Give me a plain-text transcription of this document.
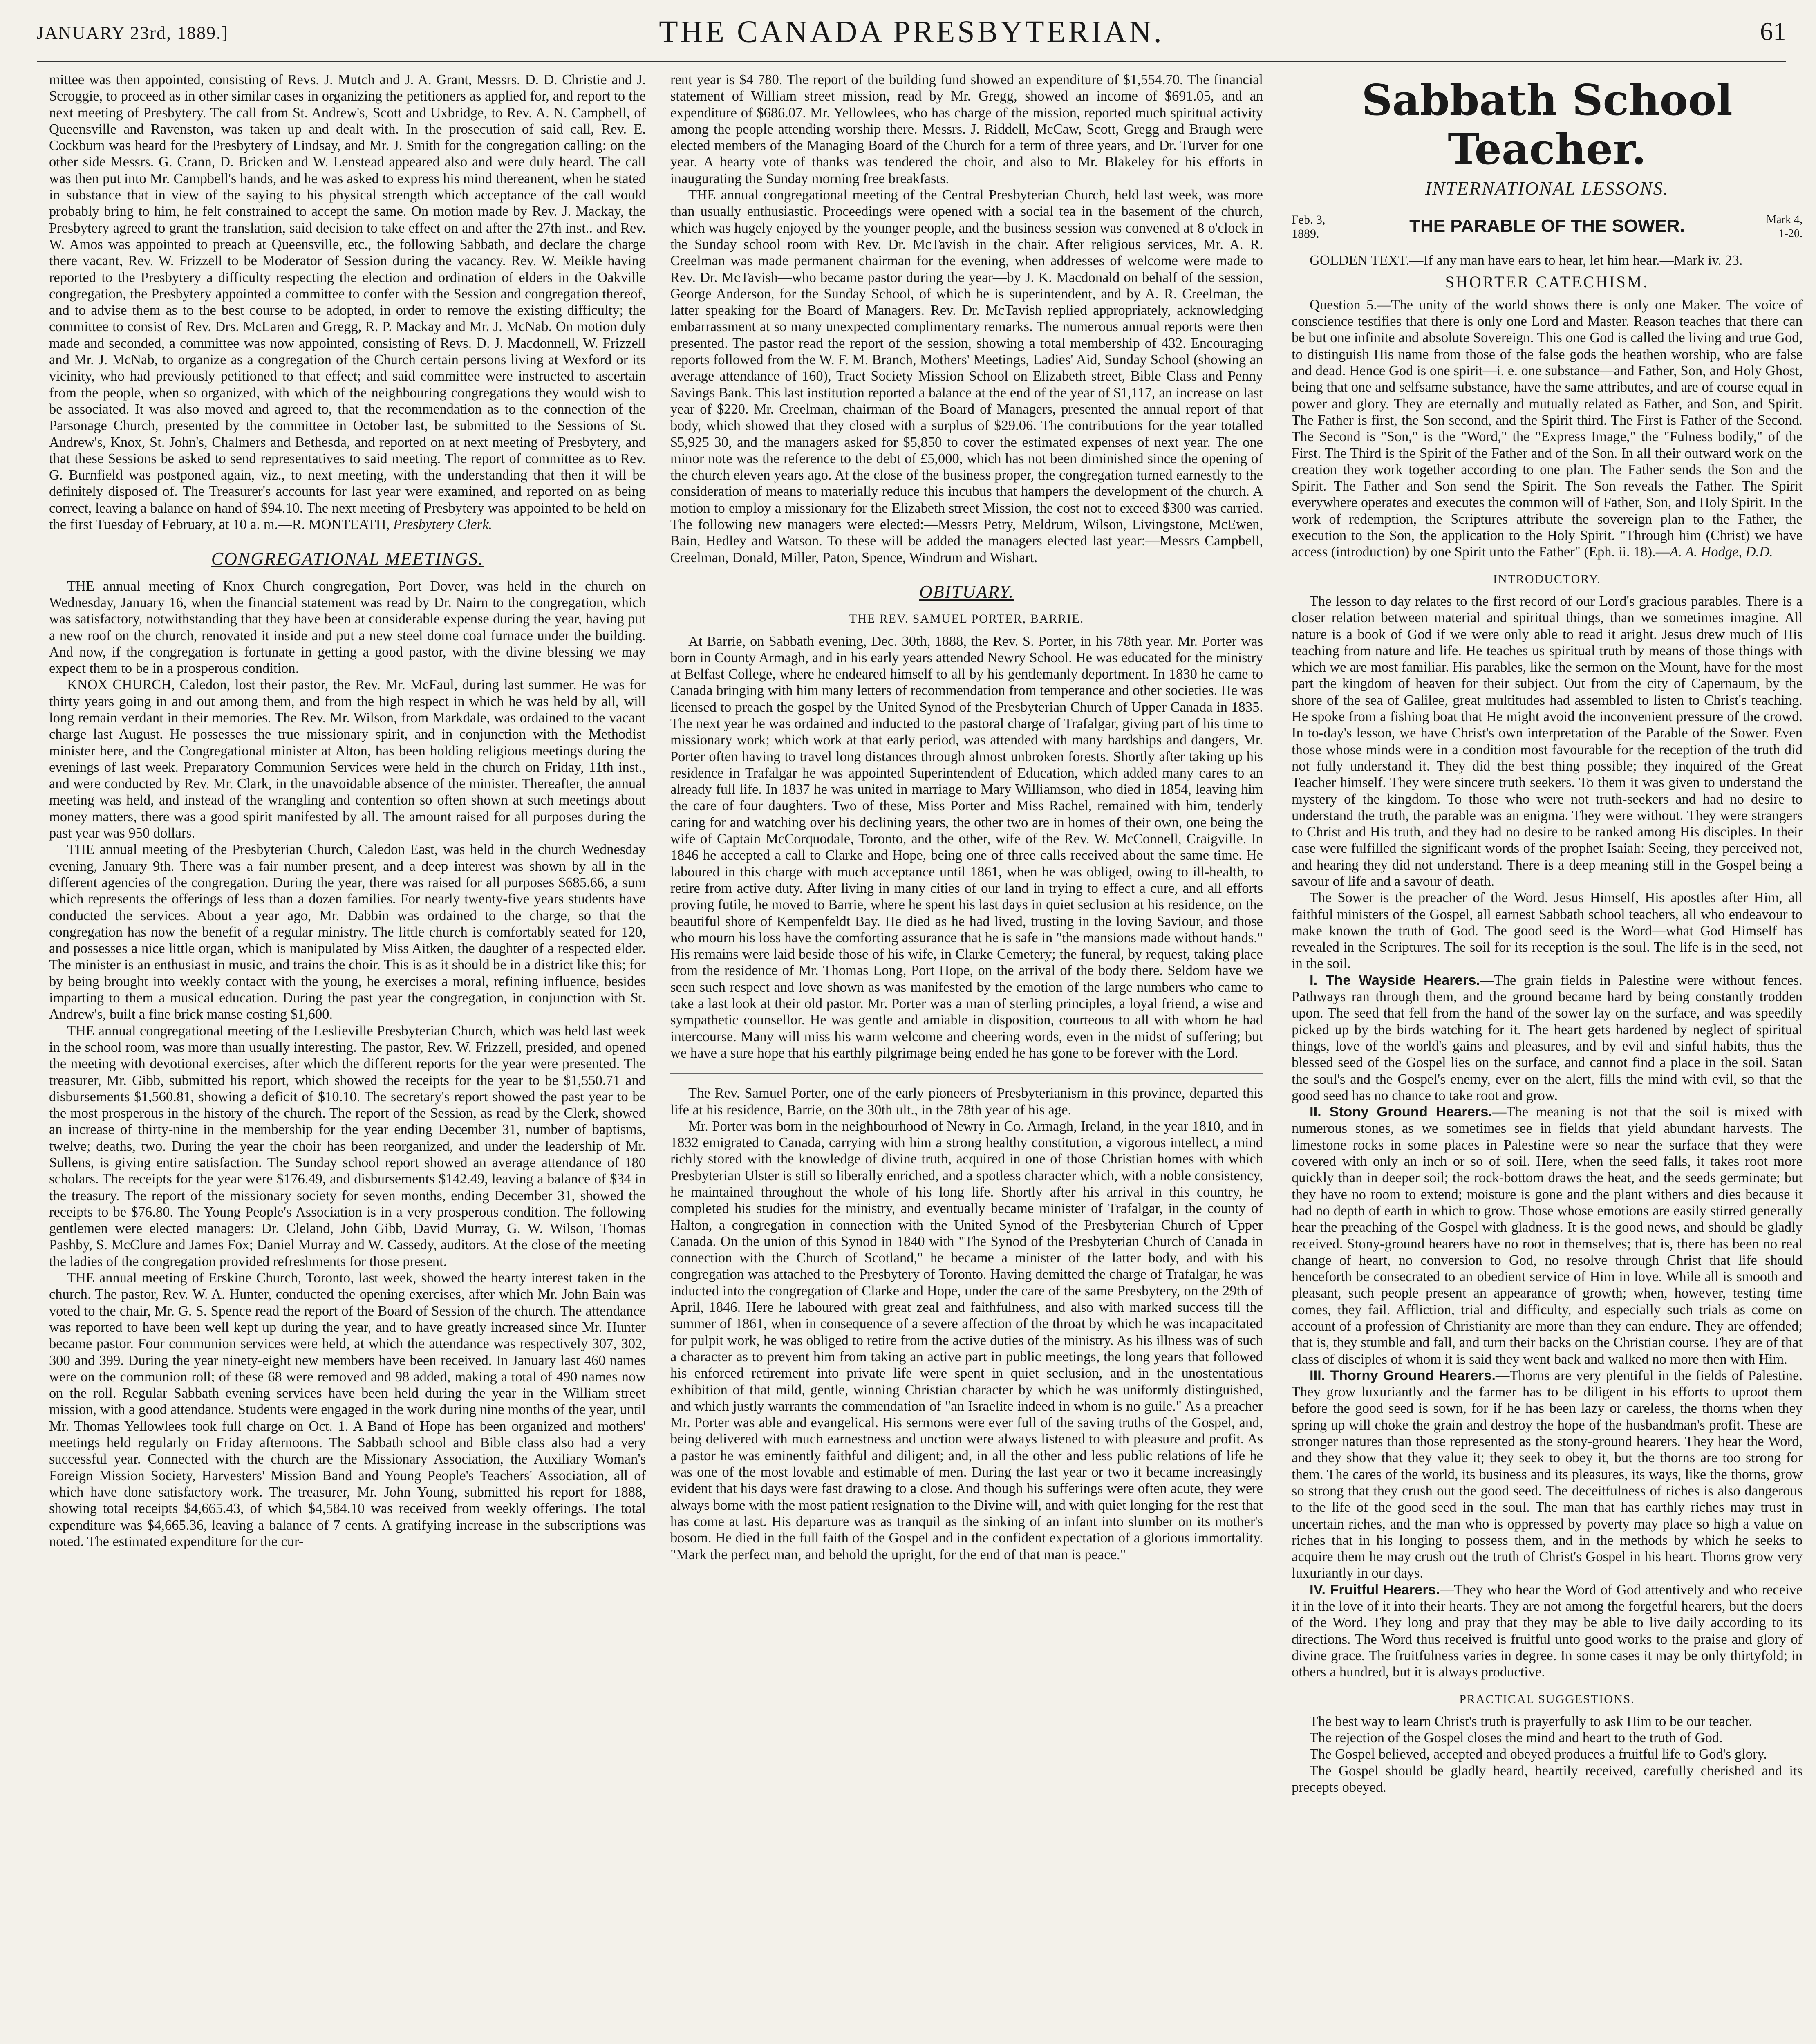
JANUARY 23rd, 1889.]	THE CANADA PRESBYTERIAN.	61

mittee was then appointed, consisting of Revs. J. Mutch and J. A. Grant, Messrs. D. D. Christie and J. Scroggie, to proceed as in other similar cases in organizing the petitioners as applied for, and report to the next meeting of Presbytery. The call from St. Andrew's, Scott and Uxbridge, to Rev. A. N. Campbell, of Queensville and Ravenston, was taken up and dealt with. In the prosecution of said call, Rev. E. Cockburn was heard for the Presbytery of Lindsay, and Mr. J. Smith for the congregation calling: on the other side Messrs. G. Crann, D. Bricken and W. Lenstead appeared also and were duly heard. The call was then put into Mr. Campbell's hands, and he was asked to express his mind thereanent, when he stated in substance that in view of the saying to his physical strength which acceptance of the call would probably bring to him, he felt constrained to accept the same. On motion made by Rev. J. Mackay, the Presbytery agreed to grant the translation, said decision to take effect on and after the 27th inst.. and Rev. W. Amos was appointed to preach at Queensville, etc., the following Sabbath, and declare the charge there vacant, Rev. W. Frizzell to be Moderator of Session during the vacancy. Rev. W. Meikle having reported to the Presbytery a difficulty respecting the election and ordination of elders in the Oakville congregation, the Presbytery appointed a committee to confer with the Session and congregation thereof, and to advise them as to the best course to be adopted, in order to remove the existing difficulty; the committee to consist of Rev. Drs. McLaren and Gregg, R. P. Mackay and Mr. J. McNab. On motion duly made and seconded, a committee was now appointed, consisting of Revs. D. J. Macdonnell, W. Frizzell and Mr. J. McNab, to organize as a congregation of the Church certain persons living at Wexford or its vicinity, who had previously petitioned to that effect; and said committee were instructed to ascertain from the people, when so organized, with which of the neighbouring congregations they would wish to be associated. It was also moved and agreed to, that the recommendation as to the connection of the Parsonage Church, presented by the committee in October last, be submitted to the Sessions of St. Andrew's, Knox, St. John's, Chalmers and Bethesda, and reported on at next meeting of Presbytery, and that these Sessions be asked to send representatives to said meeting. The report of committee as to Rev. G. Burnfield was postponed again, viz., to next meeting, with the understanding that then it will be definitely disposed of. The Treasurer's accounts for last year were examined, and reported on as being correct, leaving a balance on hand of $94.10. The next meeting of Presbytery was appointed to be held on the first Tuesday of February, at 10 a. m.—R. MONTEATH, Presbytery Clerk.

CONGREGATIONAL MEETINGS.

THE annual meeting of Knox Church congregation, Port Dover, was held in the church on Wednesday, January 16, when the financial statement was read by Dr. Nairn to the congregation, which was satisfactory, notwithstanding that they have been at considerable expense during the year, having put a new roof on the church, renovated it inside and put a new steel dome coal furnace under the building. And now, if the congregation is fortunate in getting a good pastor, with the divine blessing we may expect them to be in a prosperous condition.

KNOX CHURCH, Caledon, lost their pastor, the Rev. Mr. McFaul, during last summer. He was for thirty years going in and out among them, and from the high respect in which he was held by all, will long remain verdant in their memories. The Rev. Mr. Wilson, from Markdale, was ordained to the vacant charge last August. He possesses the true missionary spirit, and in conjunction with the Methodist minister here, and the Congregational minister at Alton, has been holding religious meetings during the evenings of last week. Preparatory Communion Services were held in the church on Friday, 11th inst., and were conducted by Rev. Mr. Clark, in the unavoidable absence of the minister. Thereafter, the annual meeting was held, and instead of the wrangling and contention so often shown at such meetings about money matters, there was a good spirit manifested by all. The amount raised for all purposes during the past year was 950 dollars.

THE annual meeting of the Presbyterian Church, Caledon East, was held in the church Wednesday evening, January 9th. There was a fair number present, and a deep interest was shown by all in the different agencies of the congregation. During the year, there was raised for all purposes $685.66, a sum which represents the offerings of less than a dozen families. For nearly twenty-five years students have conducted the services. About a year ago, Mr. Dabbin was ordained to the charge, so that the congregation has now the benefit of a regular ministry. The little church is comfortably seated for 120, and possesses a nice little organ, which is manipulated by Miss Aitken, the daughter of a respected elder. The minister is an enthusiast in music, and trains the choir. This is as it should be in a district like this; for by being brought into weekly contact with the young, he exercises a moral, refining influence, besides imparting to them a musical education. During the past year the congregation, in conjunction with St. Andrew's, built a fine brick manse costing $1,600.

THE annual congregational meeting of the Leslieville Presbyterian Church, which was held last week in the school room, was more than usually interesting. The pastor, Rev. W. Frizzell, presided, and opened the meeting with devotional exercises, after which the different reports for the year were presented. The treasurer, Mr. Gibb, submitted his report, which showed the receipts for the year to be $1,550.71 and disbursements $1,560.81, showing a deficit of $10.10. The secretary's report showed the past year to be the most prosperous in the history of the church. The report of the Session, as read by the Clerk, showed an increase of thirty-nine in the membership for the year ending December 31, number of baptisms, twelve; deaths, two. During the year the choir has been reorganized, and under the leadership of Mr. Sullens, is giving entire satisfaction. The Sunday school report showed an average attendance of 180 scholars. The receipts for the year were $176.49, and disbursements $142.49, leaving a balance of $34 in the treasury. The report of the missionary society for seven months, ending December 31, showed the receipts to be $76.80. The Young People's Association is in a very prosperous condition. The following gentlemen were elected managers: Dr. Cleland, John Gibb, David Murray, G. W. Wilson, Thomas Pashby, S. McClure and James Fox; Daniel Murray and W. Cassedy, auditors. At the close of the meeting the ladies of the congregation provided refreshments for those present.

THE annual meeting of Erskine Church, Toronto, last week, showed the hearty interest taken in the church. The pastor, Rev. W. A. Hunter, conducted the opening exercises, after which Mr. John Bain was voted to the chair, Mr. G. S. Spence read the report of the Board of Session of the church. The attendance was reported to have been well kept up during the year, and to have greatly increased since Mr. Hunter became pastor. Four communion services were held, at which the attendance was respectively 307, 302, 300 and 399. During the year ninety-eight new members have been received. In January last 460 names were on the communion roll; of these 68 were removed and 98 added, making a total of 490 names now on the roll. Regular Sabbath evening services have been held during the year in the William street mission, with a good attendance. Students were engaged in the work during nine months of the year, until Mr. Thomas Yellowlees took full charge on Oct. 1. A Band of Hope has been organized and mothers' meetings held regularly on Friday afternoons. The Sabbath school and Bible class also had a very successful year. Connected with the church are the Missionary Association, the Auxiliary Woman's Foreign Mission Society, Harvesters' Mission Band and Young People's Teachers' Association, all of which have done satisfactory work. The treasurer, Mr. John Young, submitted his report for 1888, showing total receipts $4,665.43, of which $4,584.10 was received from weekly offerings. The total expenditure was $4,665.36, leaving a balance of 7 cents. A gratifying increase in the subscriptions was noted. The estimated expenditure for the cur-

rent year is $4 780. The report of the building fund showed an expenditure of $1,554.70. The financial statement of William street mission, read by Mr. Gregg, showed an income of $691.05, and an expenditure of $686.07. Mr. Yellowlees, who has charge of the mission, reported much spiritual activity among the people attending worship there. Messrs. J. Riddell, McCaw, Scott, Gregg and Braugh were elected members of the Managing Board of the Church for a term of three years, and Dr. Turver for one year. A hearty vote of thanks was tendered the choir, and also to Mr. Blakeley for his efforts in inaugurating the Sunday morning free breakfasts.

THE annual congregational meeting of the Central Presbyterian Church, held last week, was more than usually enthusiastic. Proceedings were opened with a social tea in the basement of the church, which was hugely enjoyed by the younger people, and the business session was convened at 8 o'clock in the Sunday school room with Rev. Dr. McTavish in the chair. After religious services, Mr. A. R. Creelman was made permanent chairman for the evening, when addresses of welcome were made to Rev. Dr. McTavish—who became pastor during the year—by J. K. Macdonald on behalf of the session, George Anderson, for the Sunday School, of which he is superintendent, and by A. R. Creelman, the latter speaking for the Board of Managers. Rev. Dr. McTavish replied appropriately, acknowledging embarrassment at so many unexpected complimentary remarks. The numerous annual reports were then presented. The pastor read the report of the session, showing a total membership of 432. Encouraging reports followed from the W. F. M. Branch, Mothers' Meetings, Ladies' Aid, Sunday School (showing an average attendance of 160), Tract Society Mission School on Elizabeth street, Bible Class and Penny Savings Bank. This last institution reported a balance at the end of the year of $1,117, an increase on last year of $220. Mr. Creelman, chairman of the Board of Managers, presented the annual report of that body, which showed that they closed with a surplus of $29.06. The contributions for the year totalled $5,925 30, and the managers asked for $5,850 to cover the estimated expenses of next year. The one minor note was the reference to the debt of £5,000, which has not been diminished since the opening of the church eleven years ago. At the close of the business proper, the congregation turned earnestly to the consideration of means to materially reduce this incubus that hampers the development of the church. A motion to employ a missionary for the Elizabeth street Mission, the cost not to exceed $300 was carried. The following new managers were elected:—Messrs Petry, Meldrum, Wilson, Livingstone, McEwen, Bain, Hedley and Watson. To these will be added the managers elected last year:—Messrs Campbell, Creelman, Donald, Miller, Paton, Spence, Windrum and Wishart.

OBITUARY.
THE REV. SAMUEL PORTER, BARRIE.

At Barrie, on Sabbath evening, Dec. 30th, 1888, the Rev. S. Porter, in his 78th year. Mr. Porter was born in County Armagh, and in his early years attended Newry School. He was educated for the ministry at Belfast College, where he endeared himself to all by his gentlemanly deportment. In 1830 he came to Canada bringing with him many letters of recommendation from temperance and other societies. He was licensed to preach the gospel by the United Synod of the Presbyterian Church of Upper Canada in 1835. The next year he was ordained and inducted to the pastoral charge of Trafalgar, giving part of his time to missionary work; which work at that early period, was attended with many hardships and dangers, Mr. Porter often having to travel long distances through almost unbroken forests. Shortly after taking up his residence in Trafalgar he was appointed Superintendent of Education, which added many cares to an already full life. In 1837 he was united in marriage to Mary Williamson, who died in 1854, leaving him the care of four daughters. Two of these, Miss Porter and Miss Rachel, remained with him, tenderly caring for and watching over his declining years, the other two are in homes of their own, one being the wife of Captain McCorquodale, Toronto, and the other, wife of the Rev. W. McConnell, Craigville. In 1846 he accepted a call to Clarke and Hope, being one of three calls received about the same time. He laboured in this charge with much acceptance until 1861, when he was obliged, owing to ill-health, to retire from active duty. After living in many cities of our land in trying to effect a cure, and all efforts proving futile, he moved to Barrie, where he spent his last days in quiet seclusion at his residence, on the beautiful shore of Kempenfeldt Bay. He died as he had lived, trusting in the loving Saviour, and those who mourn his loss have the comforting assurance that he is safe in "the mansions made without hands." His remains were laid beside those of his wife, in Clarke Cemetery; the funeral, by request, taking place from the residence of Mr. Thomas Long, Port Hope, on the arrival of the body there. Seldom have we seen such respect and love shown as was manifested by the emotion of the large numbers who came to take a last look at their old pastor. Mr. Porter was a man of sterling principles, a loyal friend, a wise and sympathetic counsellor. He was gentle and amiable in disposition, courteous to all with whom he had intercourse. Many will miss his warm welcome and cheering words, even in the midst of suffering; but we have a sure hope that his earthly pilgrimage being ended he has gone to be forever with the Lord.

The Rev. Samuel Porter, one of the early pioneers of Presbyterianism in this province, departed this life at his residence, Barrie, on the 30th ult., in the 78th year of his age.

Mr. Porter was born in the neighbourhood of Newry in Co. Armagh, Ireland, in the year 1810, and in 1832 emigrated to Canada, carrying with him a strong healthy constitution, a vigorous intellect, a mind richly stored with the knowledge of divine truth, acquired in one of those Christian homes with which Presbyterian Ulster is still so liberally enriched, and a spotless character which, with a noble consistency, he maintained throughout the whole of his long life. Shortly after his arrival in this country, he completed his studies for the ministry, and eventually became minister of Trafalgar, in the county of Halton, a congregation in connection with the United Synod of the Presbyterian Church of Upper Canada. On the union of this Synod in 1840 with "The Synod of the Presbyterian Church of Canada in connection with the Church of Scotland," he became a minister of the latter body, and with his congregation was attached to the Presbytery of Toronto. Having demitted the charge of Trafalgar, he was inducted into the congregation of Clarke and Hope, under the care of the same Presbytery, on the 29th of April, 1846. Here he laboured with great zeal and faithfulness, and also with marked success till the summer of 1861, when in consequence of a severe affection of the throat by which he was incapacitated for pulpit work, he was obliged to retire from the active duties of the ministry. As his illness was of such a character as to prevent him from taking an active part in public meetings, the long years that followed his enforced retirement into private life were spent in quiet seclusion, and in the unostentatious exhibition of that mild, gentle, winning Christian character by which he was uniformly distinguished, and which justly warrants the commendation of "an Israelite indeed in whom is no guile." As a preacher Mr. Porter was able and evangelical. His sermons were ever full of the saving truths of the Gospel, and, being delivered with much earnestness and unction were always listened to with pleasure and profit. As a pastor he was eminently faithful and diligent; and, in all the other and less public relations of life he was one of the most lovable and estimable of men. During the last year or two it became increasingly evident that his days were fast drawing to a close. And though his sufferings were often acute, they were always borne with the most patient resignation to the Divine will, and with quiet longing for the rest that has come at last. His departure was as tranquil as the sinking of an infant into slumber on its mother's bosom. He died in the full faith of the Gospel and in the confident expectation of a glorious immortality. "Mark the perfect man, and behold the upright, for the end of that man is peace."

Sabbath School Teacher.
INTERNATIONAL LESSONS.
Feb. 3,
1889.	THE PARABLE OF THE SOWER.	Mark 4,
1-20.

GOLDEN TEXT.—If any man have ears to hear, let him hear.—Mark iv. 23.

SHORTER CATECHISM.

Question 5.—The unity of the world shows there is only one Maker. The voice of conscience testifies that there is only one Lord and Master. Reason teaches that there can be but one infinite and absolute Sovereign. This one God is called the living and true God, to distinguish His name from those of the false gods the heathen worship, who are false and dead. Hence God is one spirit—i. e. one substance—and Father, Son, and Holy Ghost, being that one and selfsame substance, have the same attributes, and are of course equal in power and glory. They are eternally and mutually related as Father, and Son, and Spirit. The Father is first, the Son second, and the Spirit third. The First is Father of the Second. The Second is "Son," is the "Word," the "Express Image," the "Fulness bodily," of the First. The Third is the Spirit of the Father and of the Son. In all their outward work on the creation they work together according to one plan. The Father sends the Son and the Spirit. The Father and Son send the Spirit. The Son reveals the Father. The Spirit everywhere operates and executes the common will of Father, Son, and Holy Spirit. In the work of redemption, the Scriptures attribute the sovereign plan to the Father, the execution to the Son, the application to the Holy Spirit. "Through him (Christ) we have access (introduction) by one Spirit unto the Father" (Eph. ii. 18).—A. A. Hodge, D.D.

INTRODUCTORY.

The lesson to day relates to the first record of our Lord's gracious parables. There is a closer relation between material and spiritual things, than we sometimes imagine. All nature is a book of God if we were only able to read it aright. Jesus drew much of His teaching from nature and life. He teaches us spiritual truth by means of those things with which we are most familiar. His parables, like the sermon on the Mount, have for the most part the kingdom of heaven for their subject. Out from the city of Capernaum, by the shore of the sea of Galilee, great multitudes had assembled to listen to Christ's teaching. He spoke from a fishing boat that He might avoid the inconvenient pressure of the crowd. In to-day's lesson, we have Christ's own interpretation of the Parable of the Sower. Even those whose minds were in a condition most favourable for the reception of the truth did not fully understand it. They did the best thing possible; they inquired of the Great Teacher himself. They were sincere truth seekers. To them it was given to understand the mystery of the kingdom. To those who were not truth-seekers and had no desire to understand the truth, the parable was an enigma. They were without. They were strangers to Christ and His truth, and they had no desire to be ranked among His disciples. In their case were fulfilled the significant words of the prophet Isaiah: Seeing, they perceived not, and hearing they did not understand. There is a deep meaning still in the Gospel being a savour of life and a savour of death.

The Sower is the preacher of the Word. Jesus Himself, His apostles after Him, all faithful ministers of the Gospel, all earnest Sabbath school teachers, all who endeavour to make known the truth of God. The good seed is the Word—what God Himself has revealed in the Scriptures. The soil for its reception is the soul. The life is in the seed, not in the soil.

I. The Wayside Hearers.—The grain fields in Palestine were without fences. Pathways ran through them, and the ground became hard by being constantly trodden upon. The seed that fell from the hand of the sower lay on the surface, and was speedily picked up by the birds watching for it. The heart gets hardened by neglect of spiritual things, love of the world's gains and pleasures, and by evil and sinful habits, thus the blessed seed of the Gospel lies on the surface, and cannot find a place in the soil. Satan the soul's and the Gospel's enemy, ever on the alert, fills the mind with evil, so that the good seed has no chance to take root and grow.

II. Stony Ground Hearers.—The meaning is not that the soil is mixed with numerous stones, as we sometimes see in fields that yield abundant harvests. The limestone rocks in some places in Palestine were so near the surface that they were covered with only an inch or so of soil. Here, when the seed falls, it takes root more quickly than in deeper soil; the rock-bottom draws the heat, and the seeds germinate; but they have no room to extend; moisture is gone and the plant withers and dies because it had no depth of earth in which to grow. Those whose emotions are easily stirred generally hear the preaching of the Gospel with gladness. It is the good news, and should be gladly received. Stony-ground hearers have no root in themselves; that is, there has been no real change of heart, no conversion to God, no resolve through Christ that life should henceforth be consecrated to an obedient service of Him in love. While all is smooth and pleasant, such people present an appearance of growth; when, however, testing time comes, they fail. Affliction, trial and difficulty, and especially such trials as come on account of a profession of Christianity are more than they can endure. They are offended; that is, they stumble and fall, and turn their backs on the Christian course. They are of that class of disciples of whom it is said they went back and walked no more then with Him.

III. Thorny Ground Hearers.—Thorns are very plentiful in the fields of Palestine. They grow luxuriantly and the farmer has to be diligent in his efforts to uproot them before the good seed is sown, for if he has been lazy or careless, the thorns when they spring up will choke the grain and destroy the hope of the husbandman's profit. These are stronger natures than those represented as the stony-ground hearers. They hear the Word, and they show that they value it; they seek to obey it, but the thorns are too strong for them. The cares of the world, its business and its pleasures, its ways, like the thorns, grow so strong that they crush out the good seed. The deceitfulness of riches is also dangerous to the life of the good seed in the soul. The man that has earthly riches may trust in uncertain riches, and the man who is oppressed by poverty may place so high a value on riches that in his longing to possess them, and in the methods by which he seeks to acquire them he may crush out the truth of Christ's Gospel in his heart. Thorns grow very luxuriantly in our days.

IV. Fruitful Hearers.—They who hear the Word of God attentively and who receive it in the love of it into their hearts. They are not among the forgetful hearers, but the doers of the Word. They long and pray that they may be able to live daily according to its directions. The Word thus received is fruitful unto good works to the praise and glory of divine grace. The fruitfulness varies in degree. In some cases it may be only thirtyfold; in others a hundred, but it is always productive.

PRACTICAL SUGGESTIONS.

The best way to learn Christ's truth is prayerfully to ask Him to be our teacher.

The rejection of the Gospel closes the mind and heart to the truth of God.

The Gospel believed, accepted and obeyed produces a fruitful life to God's glory.

The Gospel should be gladly heard, heartily received, carefully cherished and its precepts obeyed.
